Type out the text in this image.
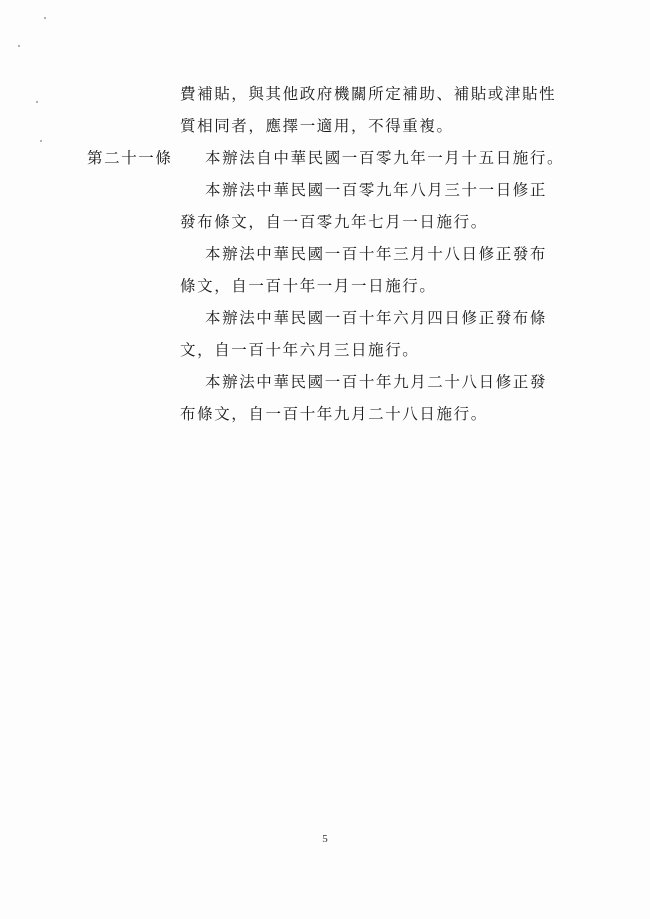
費補貼，與其他政府機關所定補助、補貼或津貼性
質相同者，應擇一適用，不得重複。
第二十一條 本辦法自中華民國一百零九年一月十五日施行。
本辦法中華民國一百零九年八月三十一日修正
發布條文，自一百零九年七月一日施行。
本辦法中華民國一百十年三月十八日修正發布
條文，自一百十年一月一日施行。
本辦法中華民國一百十年六月四日修正發布條
文，自一百十年六月三日施行。
本辦法中華民國一百十年九月二十八日修正發
布條文，自一百十年九月二十八日施行。
5
